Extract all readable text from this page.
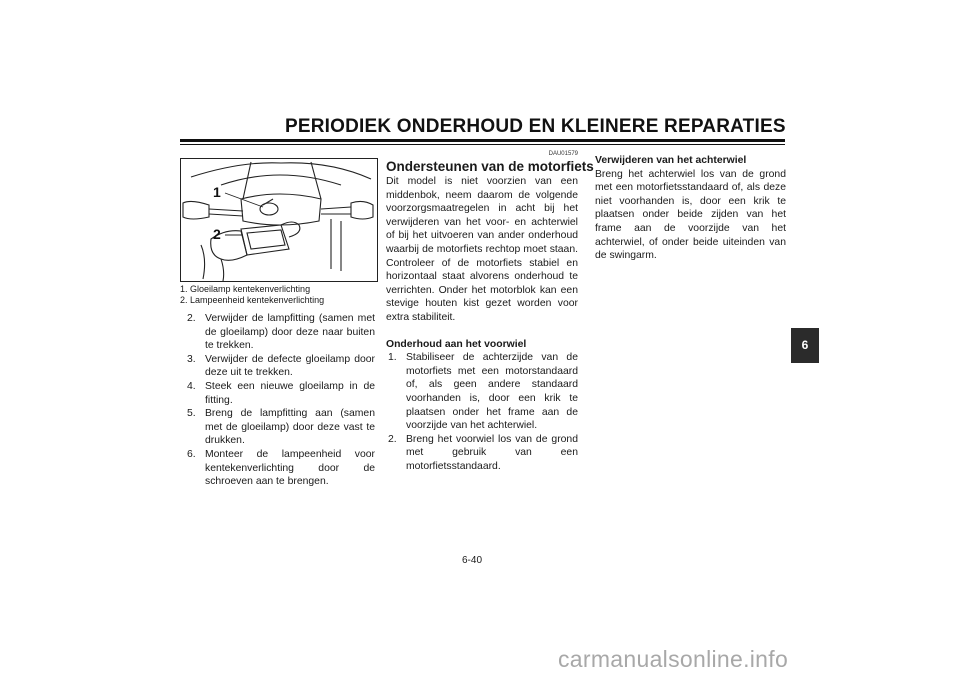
PERIODIEK ONDERHOUD EN KLEINERE REPARATIES
1
2
1. Gloeilamp kentekenverlichting
2. Lampeenheid kentekenverlichting
2. Verwijder de lampfitting (samen met de gloeilamp) door deze naar buiten te trekken.
3. Verwijder de defecte gloeilamp door deze uit te trekken.
4. Steek een nieuwe gloeilamp in de fitting.
5. Breng de lampfitting aan (samen met de gloeilamp) door deze vast te drukken.
6. Monteer de lampeenheid voor kentekenverlichting door de schroeven aan te brengen.
DAU01579
Ondersteunen van de motorfiets

Dit model is niet voorzien van een middenbok, neem daarom de volgende voorzorgsmaatregelen in acht bij het verwijderen van het voor- en achterwiel of bij het uitvoeren van ander onderhoud waarbij de motorfiets rechtop moet staan. Controleer of de motorfiets stabiel en horizontaal staat alvorens onderhoud te verrichten. Onder het motorblok kan een stevige houten kist gezet worden voor extra stabiliteit.

Onderhoud aan het voorwiel
1. Stabiliseer de achterzijde van de motorfiets met een motorstandaard of, als geen andere standaard voorhanden is, door een krik te plaatsen onder het frame aan de voorzijde van het achterwiel.
2. Breng het voorwiel los van de grond met gebruik van een motorfietsstandaard.
Verwijderen van het achterwiel

Breng het achterwiel los van de grond met een motorfietsstandaard of, als deze niet voorhanden is, door een krik te plaatsen onder beide zijden van het frame aan de voorzijde van het achterwiel, of onder beide uiteinden van de swingarm.

6-40
6
carmanualsonline.info
